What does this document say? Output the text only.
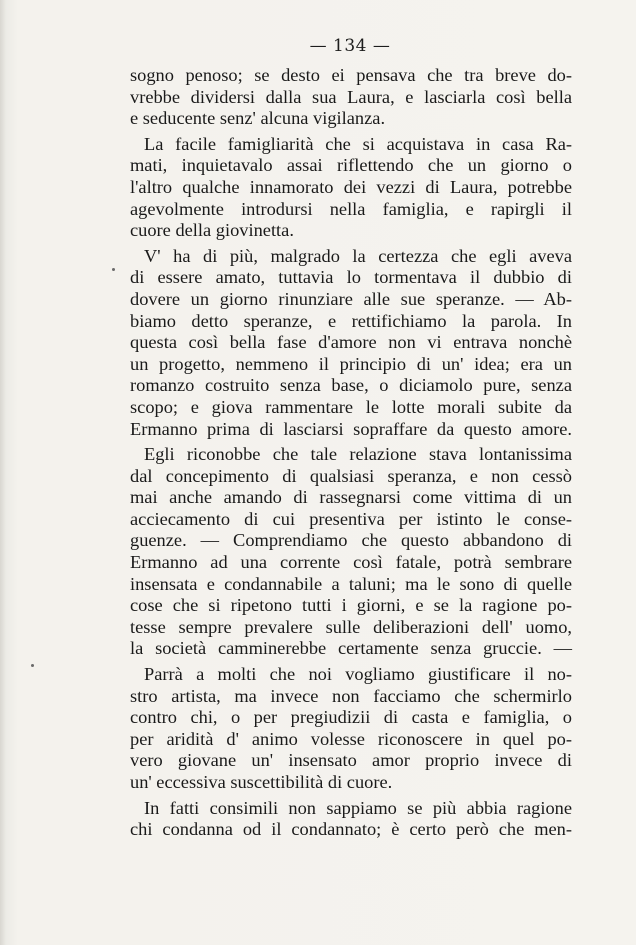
— 134 —
sogno penoso; se desto ei pensava che tra breve do-
vrebbe dividersi dalla sua Laura, e lasciarla così bella
e seducente senz' alcuna vigilanza.
La facile famigliarità che si acquistava in casa Ra-
mati, inquietavalo assai riflettendo che un giorno o
l'altro qualche innamorato dei vezzi di Laura, potrebbe
agevolmente introdursi nella famiglia, e rapirgli il
cuore della giovinetta.
V' ha di più, malgrado la certezza che egli aveva
di essere amato, tuttavia lo tormentava il dubbio di
dovere un giorno rinunziare alle sue speranze. — Ab-
biamo detto speranze, e rettifichiamo la parola. In
questa così bella fase d'amore non vi entrava nonchè
un progetto, nemmeno il principio di un' idea; era un
romanzo costruito senza base, o diciamolo pure, senza
scopo; e giova rammentare le lotte morali subite da
Ermanno prima di lasciarsi sopraffare da questo amore.
Egli riconobbe che tale relazione stava lontanissima
dal concepimento di qualsiasi speranza, e non cessò
mai anche amando di rassegnarsi come vittima di un
acciecamento di cui presentiva per istinto le conse-
guenze. — Comprendiamo che questo abbandono di
Ermanno ad una corrente così fatale, potrà sembrare
insensata e condannabile a taluni; ma le sono di quelle
cose che si ripetono tutti i giorni, e se la ragione po-
tesse sempre prevalere sulle deliberazioni dell' uomo,
la società camminerebbe certamente senza gruccie. —
Parrà a molti che noi vogliamo giustificare il no-
stro artista, ma invece non facciamo che schermirlo
contro chi, o per pregiudizii di casta e famiglia, o
per aridità d' animo volesse riconoscere in quel po-
vero giovane un' insensato amor proprio invece di
un' eccessiva suscettibilità di cuore.
In fatti consimili non sappiamo se più abbia ragione
chi condanna od il condannato; è certo però che men-
